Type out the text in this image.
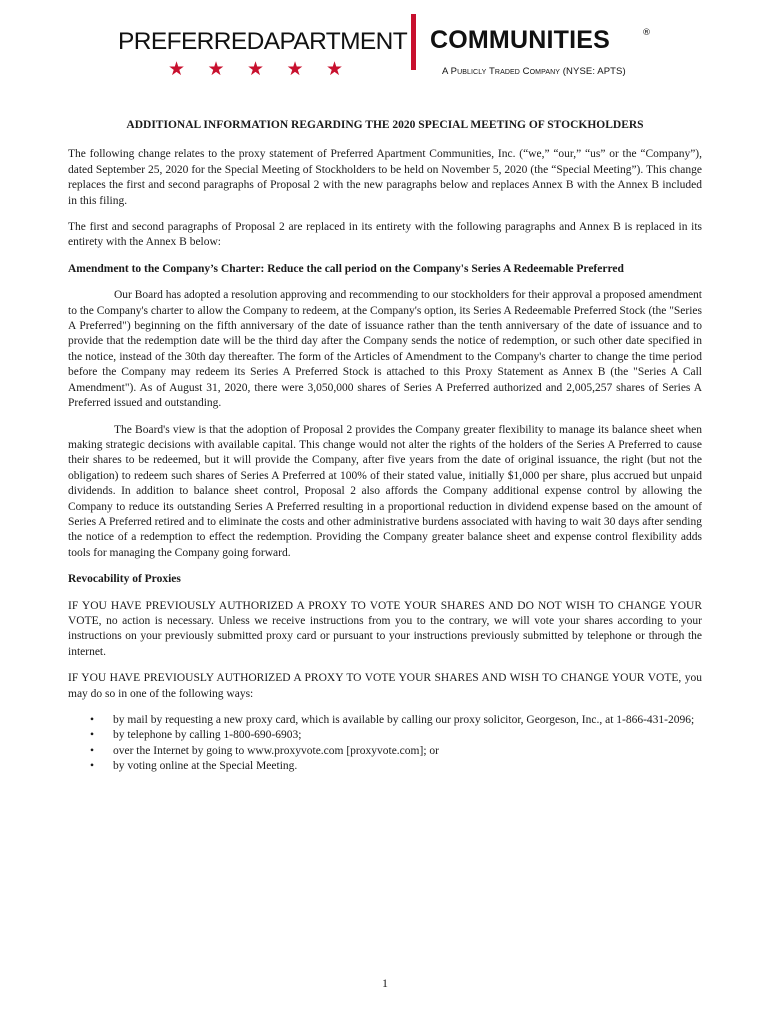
PREFERREDAPARTMENT
★ ★ ★ ★ ★
COMMUNITIES	®
A Publicly Traded Company (NYSE: APTS)
ADDITIONAL INFORMATION REGARDING THE 2020 SPECIAL MEETING OF STOCKHOLDERS

The following change relates to the proxy statement of Preferred Apartment Communities, Inc. (“we,” “our,” “us” or the “Company”), dated September 25, 2020 for the Special Meeting of Stockholders to be held on November 5, 2020 (the “Special Meeting”). This change replaces the first and second paragraphs of Proposal 2 with the new paragraphs below and replaces Annex B with the Annex B included in this filing.

The first and second paragraphs of Proposal 2 are replaced in its entirety with the following paragraphs and Annex B is replaced in its entirety with the Annex B below:

Amendment to the Company’s Charter: Reduce the call period on the Company's Series A Redeemable Preferred

Our Board has adopted a resolution approving and recommending to our stockholders for their approval a proposed amendment to the Company's charter to allow the Company to redeem, at the Company's option, its Series A Redeemable Preferred Stock (the "Series A Preferred") beginning on the fifth anniversary of the date of issuance rather than the tenth anniversary of the date of issuance and to provide that the redemption date will be the third day after the Company sends the notice of redemption, or such other date specified in the notice, instead of the 30th day thereafter. The form of the Articles of Amendment to the Company's charter to change the time period before the Company may redeem its Series A Preferred Stock is attached to this Proxy Statement as Annex B (the "Series A Call Amendment"). As of August 31, 2020, there were 3,050,000 shares of Series A Preferred authorized and 2,005,257 shares of Series A Preferred issued and outstanding.

The Board's view is that the adoption of Proposal 2 provides the Company greater flexibility to manage its balance sheet when making strategic decisions with available capital. This change would not alter the rights of the holders of the Series A Preferred to cause their shares to be redeemed, but it will provide the Company, after five years from the date of original issuance, the right (but not the obligation) to redeem such shares of Series A Preferred at 100% of their stated value, initially $1,000 per share, plus accrued but unpaid dividends. In addition to balance sheet control, Proposal 2 also affords the Company additional expense control by allowing the Company to reduce its outstanding Series A Preferred resulting in a proportional reduction in dividend expense based on the amount of Series A Preferred retired and to eliminate the costs and other administrative burdens associated with having to wait 30 days after sending the notice of a redemption to effect the redemption. Providing the Company greater balance sheet and expense control flexibility adds tools for managing the Company going forward.

Revocability of Proxies

IF YOU HAVE PREVIOUSLY AUTHORIZED A PROXY TO VOTE YOUR SHARES AND DO NOT WISH TO CHANGE YOUR VOTE, no action is necessary. Unless we receive instructions from you to the contrary, we will vote your shares according to your instructions on your previously submitted proxy card or pursuant to your instructions previously submitted by telephone or through the internet.

IF YOU HAVE PREVIOUSLY AUTHORIZED A PROXY TO VOTE YOUR SHARES AND WISH TO CHANGE YOUR VOTE, you may do so in one of the following ways:

• by mail by requesting a new proxy card, which is available by calling our proxy solicitor, Georgeson, Inc., at 1-866-431-2096;
• by telephone by calling 1-800-690-6903;
• over the Internet by going to www.proxyvote.com [proxyvote.com]; or
• by voting online at the Special Meeting.
1
